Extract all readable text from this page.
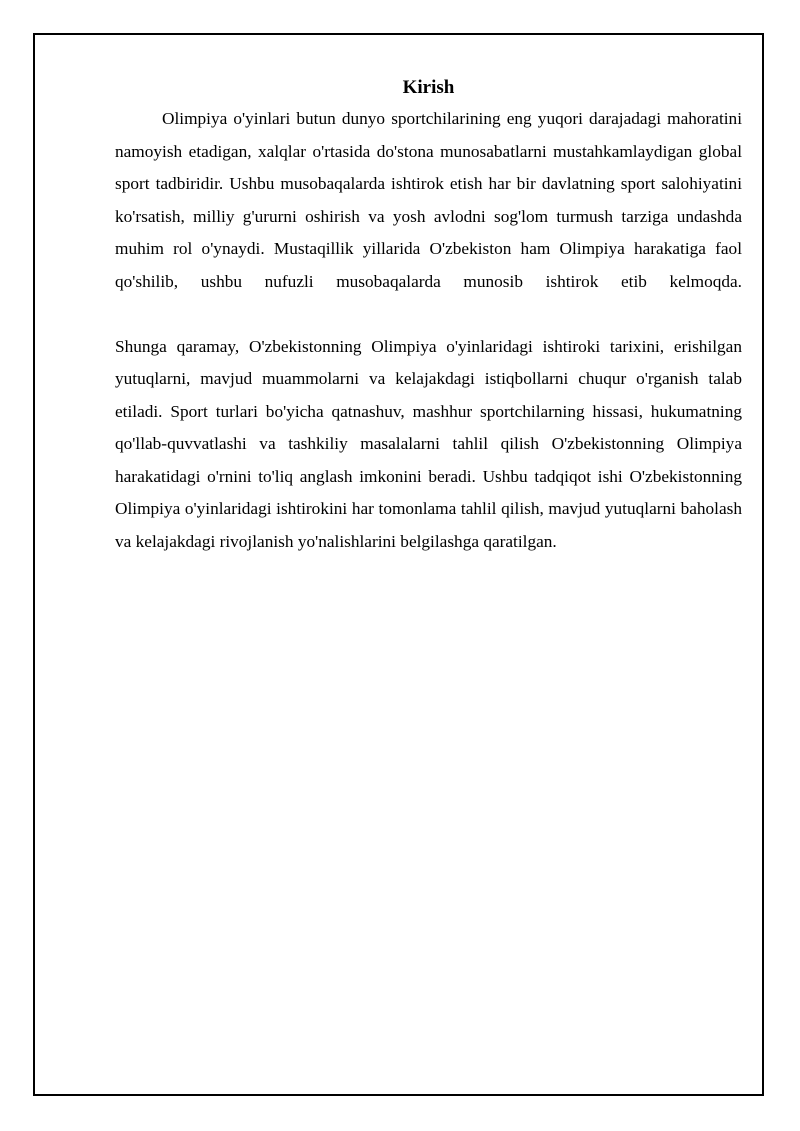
Kirish

Olimpiya o'yinlari butun dunyo sportchilarining eng yuqori darajadagi mahoratini namoyish etadigan, xalqlar o'rtasida do'stona munosabatlarni mustahkamlaydigan global sport tadbiridir. Ushbu musobaqalarda ishtirok etish har bir davlatning sport salohiyatini ko'rsatish, milliy g'ururni oshirish va yosh avlodni sog'lom turmush tarziga undashda muhim rol o'ynaydi. Mustaqillik yillarida O'zbekiston ham Olimpiya harakatiga faol qo'shilib, ushbu nufuzli musobaqalarda munosib ishtirok etib kelmoqda.

Shunga qaramay, O'zbekistonning Olimpiya o'yinlaridagi ishtiroki tarixini, erishilgan yutuqlarni, mavjud muammolarni va kelajakdagi istiqbollarni chuqur o'rganish talab etiladi. Sport turlari bo'yicha qatnashuv, mashhur sportchilarning hissasi, hukumatning qo'llab-quvvatlashi va tashkiliy masalalarni tahlil qilish O'zbekistonning Olimpiya harakatidagi o'rnini to'liq anglash imkonini beradi. Ushbu tadqiqot ishi O'zbekistonning Olimpiya o'yinlaridagi ishtirokini har tomonlama tahlil qilish, mavjud yutuqlarni baholash va kelajakdagi rivojlanish yo'nalishlarini belgilashga qaratilgan.
